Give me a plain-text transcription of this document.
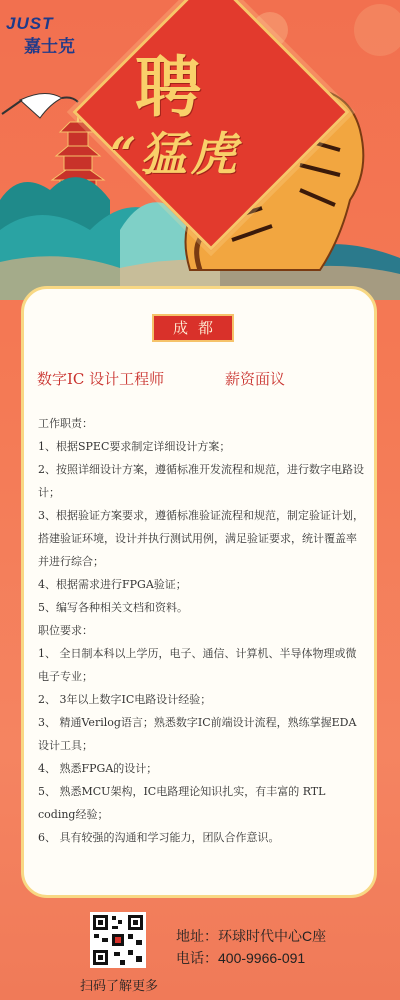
聘
“猛虎
JUST
嘉士克
成都
数字IC 设计工程师	薪资面议

工作职责：

1、根据SPEC要求制定详细设计方案；

2、按照详细设计方案，遵循标准开发流程和规范，进行数字电路设计；

3、根据验证方案要求，遵循标准验证流程和规范，制定验证计划，搭建验证环境，设计并执行测试用例，满足验证要求，统计覆盖率并进行综合；

4、根据需求进行FPGA验证；

5、编写各种相关文档和资料。

职位要求：

1、 全日制本科以上学历，电子、通信、计算机、半导体物理或微电子专业；

2、 3年以上数字IC电路设计经验；

3、 精通Verilog语言；熟悉数字IC前端设计流程，熟练掌握EDA设计工具；

4、 熟悉FPGA的设计；

5、 熟悉MCU架构，IC电路理论知识扎实，有丰富的 RTL coding经验；

6、 具有较强的沟通和学习能力，团队合作意识。

扫码了解更多
地址：环球时代中心C座
电话：400-9966-091
